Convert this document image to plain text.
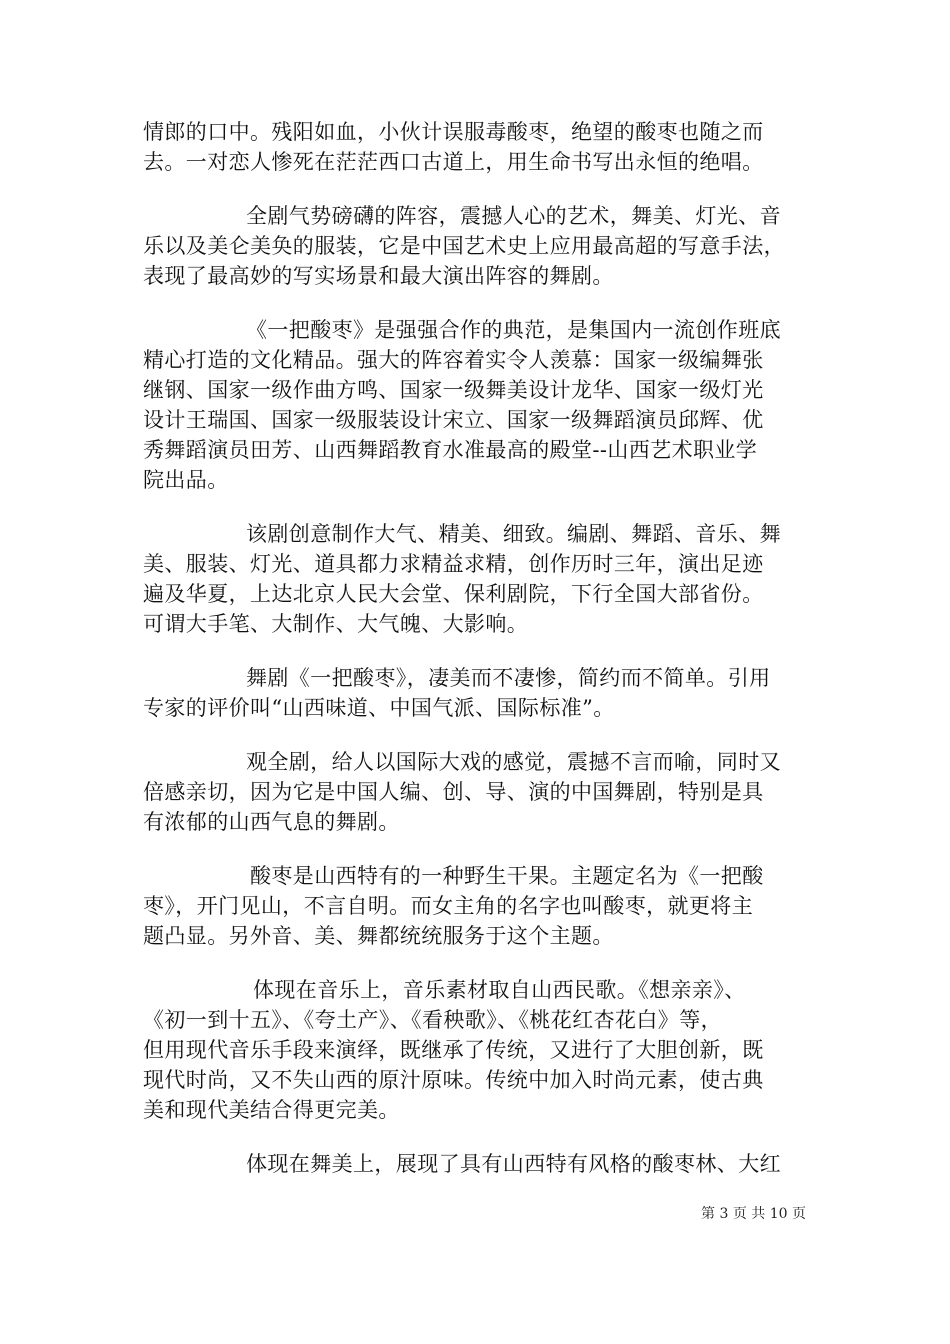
情郎的口中。残阳如血，小伙计误服毒酸枣，绝望的酸枣也随之而
去。一对恋人惨死在茫茫西口古道上，用生命书写出永恒的绝唱。
全剧气势磅礴的阵容，震撼人心的艺术，舞美、灯光、音
乐以及美仑美奂的服装，它是中国艺术史上应用最高超的写意手法，
表现了最高妙的写实场景和最大演出阵容的舞剧。
《一把酸枣》是强强合作的典范，是集国内一流创作班底
精心打造的文化精品。强大的阵容着实令人羡慕：国家一级编舞张
继钢、国家一级作曲方鸣、国家一级舞美设计龙华、国家一级灯光
设计王瑞国、国家一级服装设计宋立、国家一级舞蹈演员邱辉、优
秀舞蹈演员田芳、山西舞蹈教育水准最高的殿堂--山西艺术职业学
院出品。
该剧创意制作大气、精美、细致。编剧、舞蹈、音乐、舞
美、服装、灯光、道具都力求精益求精，创作历时三年，演出足迹
遍及华夏，上达北京人民大会堂、保利剧院，下行全国大部省份。
可谓大手笔、大制作、大气魄、大影响。
舞剧《一把酸枣》，凄美而不凄惨，简约而不简单。引用
专家的评价叫“山西味道、中国气派、国际标准”。
观全剧，给人以国际大戏的感觉，震撼不言而喻，同时又
倍感亲切，因为它是中国人编、创、导、演的中国舞剧，特别是具
有浓郁的山西气息的舞剧。
酸枣是山西特有的一种野生干果。主题定名为《一把酸
枣》，开门见山，不言自明。而女主角的名字也叫酸枣，就更将主
题凸显。另外音、美、舞都统统服务于这个主题。
体现在音乐上，音乐素材取自山西民歌。《想亲亲》、
《初一到十五》、《夸土产》、《看秧歌》、《桃花红杏花白》等，
但用现代音乐手段来演绎，既继承了传统，又进行了大胆创新，既
现代时尚，又不失山西的原汁原味。传统中加入时尚元素，使古典
美和现代美结合得更完美。
体现在舞美上，展现了具有山西特有风格的酸枣林、大红
第 3 页 共 10 页
